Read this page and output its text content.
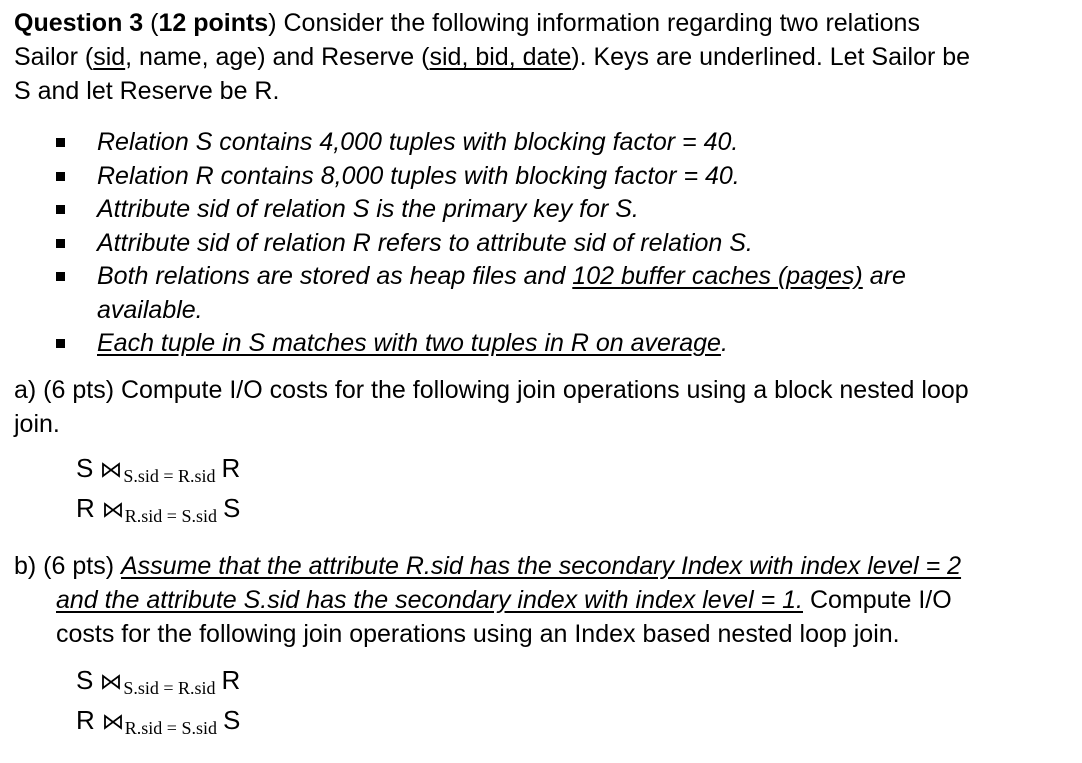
Question 3 (12 points) Consider the following information regarding two relations
Sailor (sid, name, age) and Reserve (sid, bid, date). Keys are underlined. Let Sailor be
S and let Reserve be R.
Relation S contains 4,000 tuples with blocking factor = 40.
Relation R contains 8,000 tuples with blocking factor = 40.
Attribute sid of relation S is the primary key for S.
Attribute sid of relation R refers to attribute sid of relation S.
Both relations are stored as heap files and 102 buffer caches (pages) are
available.
Each tuple in S matches with two tuples in R on average.
a) (6 pts) Compute I/O costs for the following join operations using a block nested loop
join.
S $_{S.sid = R.sid}$ R
R $_{R.sid = S.sid}$ S
b) (6 pts) Assume that the attribute R.sid has the secondary Index with index level = 2
and the attribute S.sid has the secondary index with index level = 1. Compute I/O
costs for the following join operations using an Index based nested loop join.
S $_{S.sid = R.sid}$ R
R $_{R.sid = S.sid}$ S
